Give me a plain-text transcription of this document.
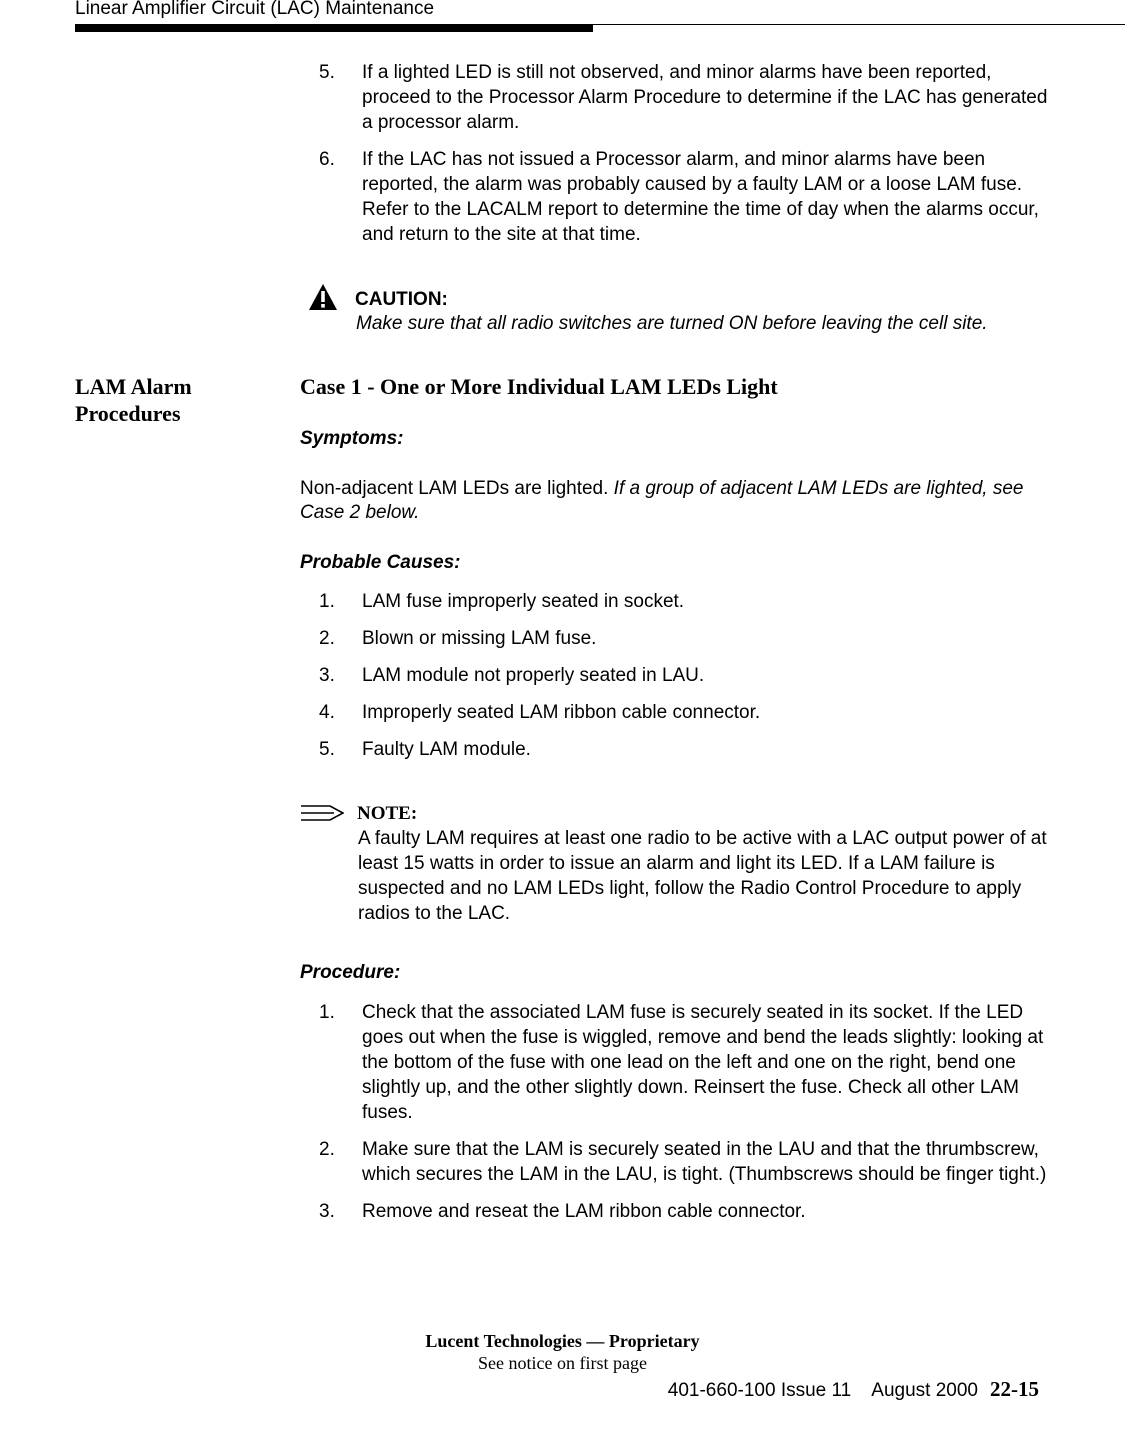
Linear Amplifier Circuit (LAC) Maintenance
5. If a lighted LED is still not observed, and minor alarms have been reported, proceed to the Processor Alarm Procedure to determine if the LAC has generated a processor alarm.
6. If the LAC has not issued a Processor alarm, and minor alarms have been reported, the alarm was probably caused by a faulty LAM or a loose LAM fuse. Refer to the LACALM report to determine the time of day when the alarms occur, and return to the site at that time.
CAUTION:
Make sure that all radio switches are turned ON before leaving the cell site.
LAM Alarm Procedures
Case 1 - One or More Individual LAM LEDs Light
Symptoms:
Non-adjacent LAM LEDs are lighted. If a group of adjacent LAM LEDs are lighted, see Case 2 below.
Probable Causes:
1. LAM fuse improperly seated in socket.
2. Blown or missing LAM fuse.
3. LAM module not properly seated in LAU.
4. Improperly seated LAM ribbon cable connector.
5. Faulty LAM module.
NOTE:
A faulty LAM requires at least one radio to be active with a LAC output power of at least 15 watts in order to issue an alarm and light its LED. If a LAM failure is suspected and no LAM LEDs light, follow the Radio Control Procedure to apply radios to the LAC.
Procedure:
1. Check that the associated LAM fuse is securely seated in its socket. If the LED goes out when the fuse is wiggled, remove and bend the leads slightly: looking at the bottom of the fuse with one lead on the left and one on the right, bend one slightly up, and the other slightly down. Reinsert the fuse. Check all other LAM fuses.
2. Make sure that the LAM is securely seated in the LAU and that the thrumbscrew, which secures the LAM in the LAU, is tight. (Thumbscrews should be finger tight.)
3. Remove and reseat the LAM ribbon cable connector.
Lucent Technologies — Proprietary
See notice on first page
401-660-100 Issue 11    August 2000 22-15
